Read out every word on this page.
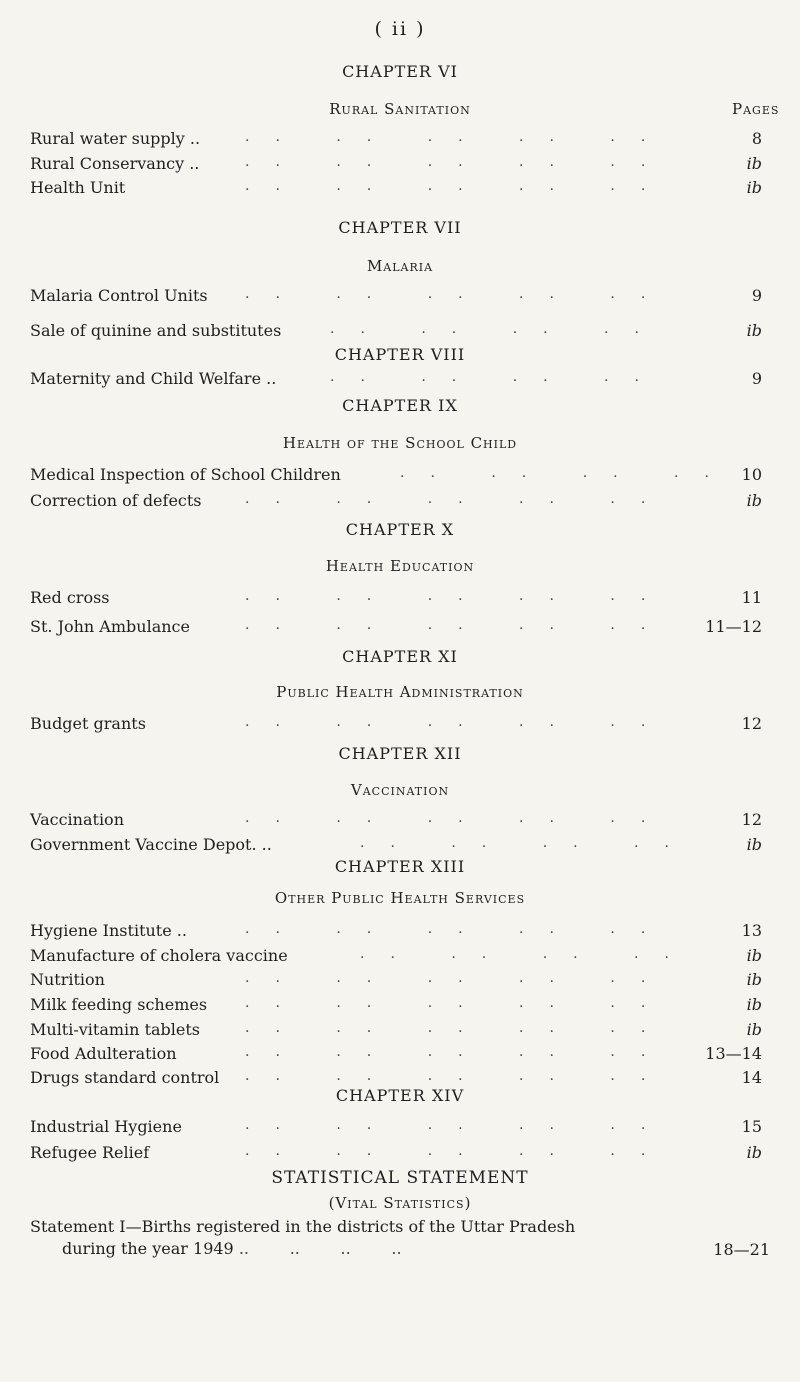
( ii )
Pages
CHAPTER VI
Rural Sanitation
Rural water supply ..	.. .. .. .. ..	8
Rural Conservancy ..	.. .. .. .. ..	ib
Health Unit	.. .. .. .. ..	ib
CHAPTER VII
Malaria
Malaria Control Units	.. .. .. .. ..	9
Sale of quinine and substitutes	.. .. .. ..	ib
CHAPTER VIII
Maternity and Child Welfare ..	.. .. .. ..	9
CHAPTER IX
Health of the School Child
Medical Inspection of School Children	.. .. .. .. 10
Correction of defects	.. .. .. .. ..	ib
CHAPTER X
Health Education
Red cross	.. .. .. .. ..	11
St. John Ambulance	.. .. .. .. .. 11—12
CHAPTER XI
Public Health Administration
Budget grants	.. .. .. .. ..	12
CHAPTER XII
Vaccination
Vaccination	.. .. .. .. ..	12
Government Vaccine Depot. ..	.. .. .. ..	ib
CHAPTER XIII
Other Public Health Services
Hygiene Institute ..	.. .. .. .. ..	13
Manufacture of cholera vaccine	.. .. .. ..	ib
Nutrition	.. .. .. .. ..	ib
Milk feeding schemes	.. .. .. .. ..	ib
Multi-vitamin tablets	.. .. .. .. ..	ib
Food Adulteration	.. .. .. .. .. 13—14
Drugs standard control .. .. .. .. ..	14
CHAPTER XIV
Industrial Hygiene	.. .. .. .. ..	15
Refugee Relief	.. .. .. .. ..	ib
STATISTICAL STATEMENT
(Vital Statistics)
Statement I—Births registered in the districts of the Uttar Pradesh
during the year 1949 ..        ..        ..        ..	18—21
